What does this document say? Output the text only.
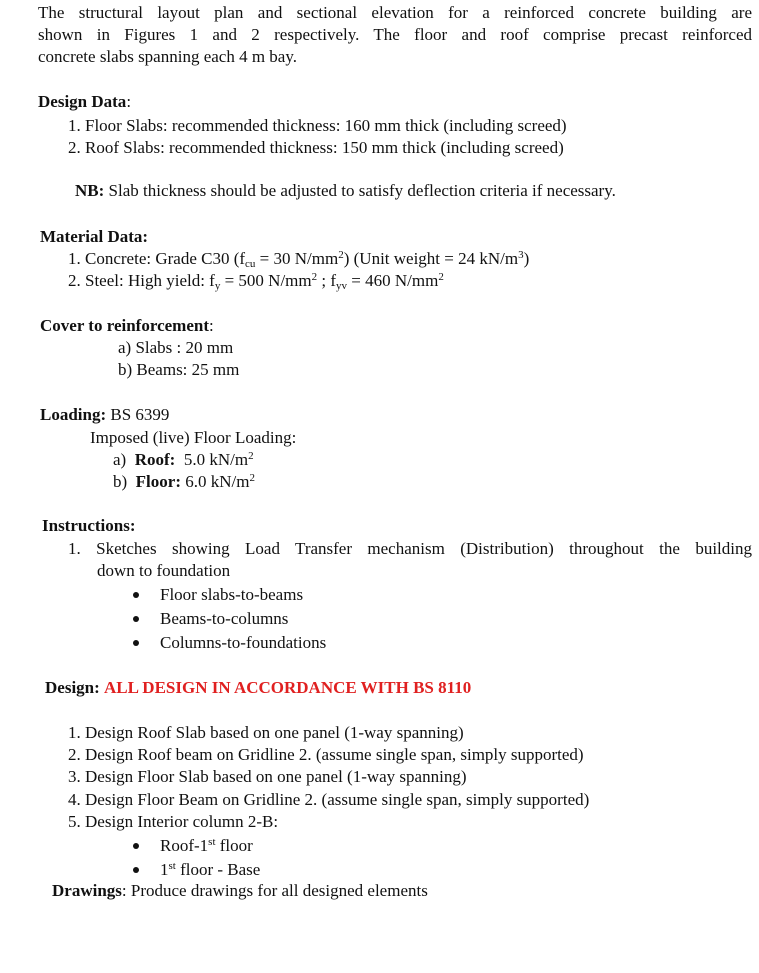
The structural layout plan and sectional elevation for a reinforced concrete building are
shown in Figures 1 and 2 respectively. The floor and roof comprise precast reinforced
concrete slabs spanning each 4 m bay.
Design Data:
1. Floor Slabs: recommended thickness: 160 mm thick (including screed)
2. Roof Slabs: recommended thickness: 150 mm thick (including screed)
NB: Slab thickness should be adjusted to satisfy deflection criteria if necessary.
Material Data:
1. Concrete: Grade C30 ($f_{cu} = 30$ $N/mm^2$) (Unit weight = 24 $kN/m^3$)
2. Steel: High yield: $f_y = 500$ $N/mm^2$ ; $f_{yv} = 460$ $N/mm^2$
Cover to reinforcement:
a) Slabs : 20 mm
b) Beams: 25 mm
Loading: BS 6399
Imposed (live) Floor Loading:
a) Roof: 5.0 $kN/m^2$
b) Floor: 6.0 $kN/m^2$
Instructions:
1. Sketches showing Load Transfer mechanism (Distribution) throughout the building
down to foundation
Floor slabs-to-beams
Beams-to-columns
Columns-to-foundations
Design: ALL DESIGN IN ACCORDANCE WITH BS 8110
1. Design Roof Slab based on one panel (1-way spanning)
2. Design Roof beam on Gridline 2. (assume single span, simply supported)
3. Design Floor Slab based on one panel (1-way spanning)
4. Design Floor Beam on Gridline 2. (assume single span, simply supported)
5. Design Interior column 2-B:
Roof-1st floor
1st floor - Base
Drawings: Produce drawings for all designed elements
